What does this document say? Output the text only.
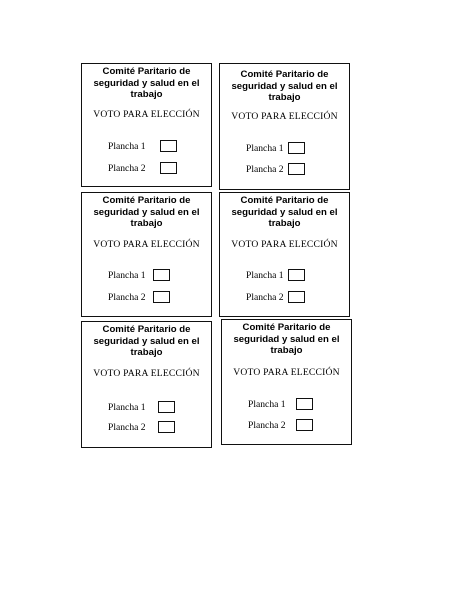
Comité Paritario de seguridad y salud en el trabajo
VOTO PARA ELECCIÓN
Plancha 1
Plancha 2
Comité Paritario de seguridad y salud en el trabajo
VOTO PARA ELECCIÓN
Plancha 1
Plancha 2
Comité Paritario de seguridad y salud en el trabajo
VOTO PARA ELECCIÓN
Plancha 1
Plancha 2
Comité Paritario de seguridad y salud en el trabajo
VOTO PARA ELECCIÓN
Plancha 1
Plancha 2
Comité Paritario de seguridad y salud en el trabajo
VOTO PARA ELECCIÓN
Plancha 1
Plancha 2
Comité Paritario de seguridad y salud en el trabajo
VOTO PARA ELECCIÓN
Plancha 1
Plancha 2
